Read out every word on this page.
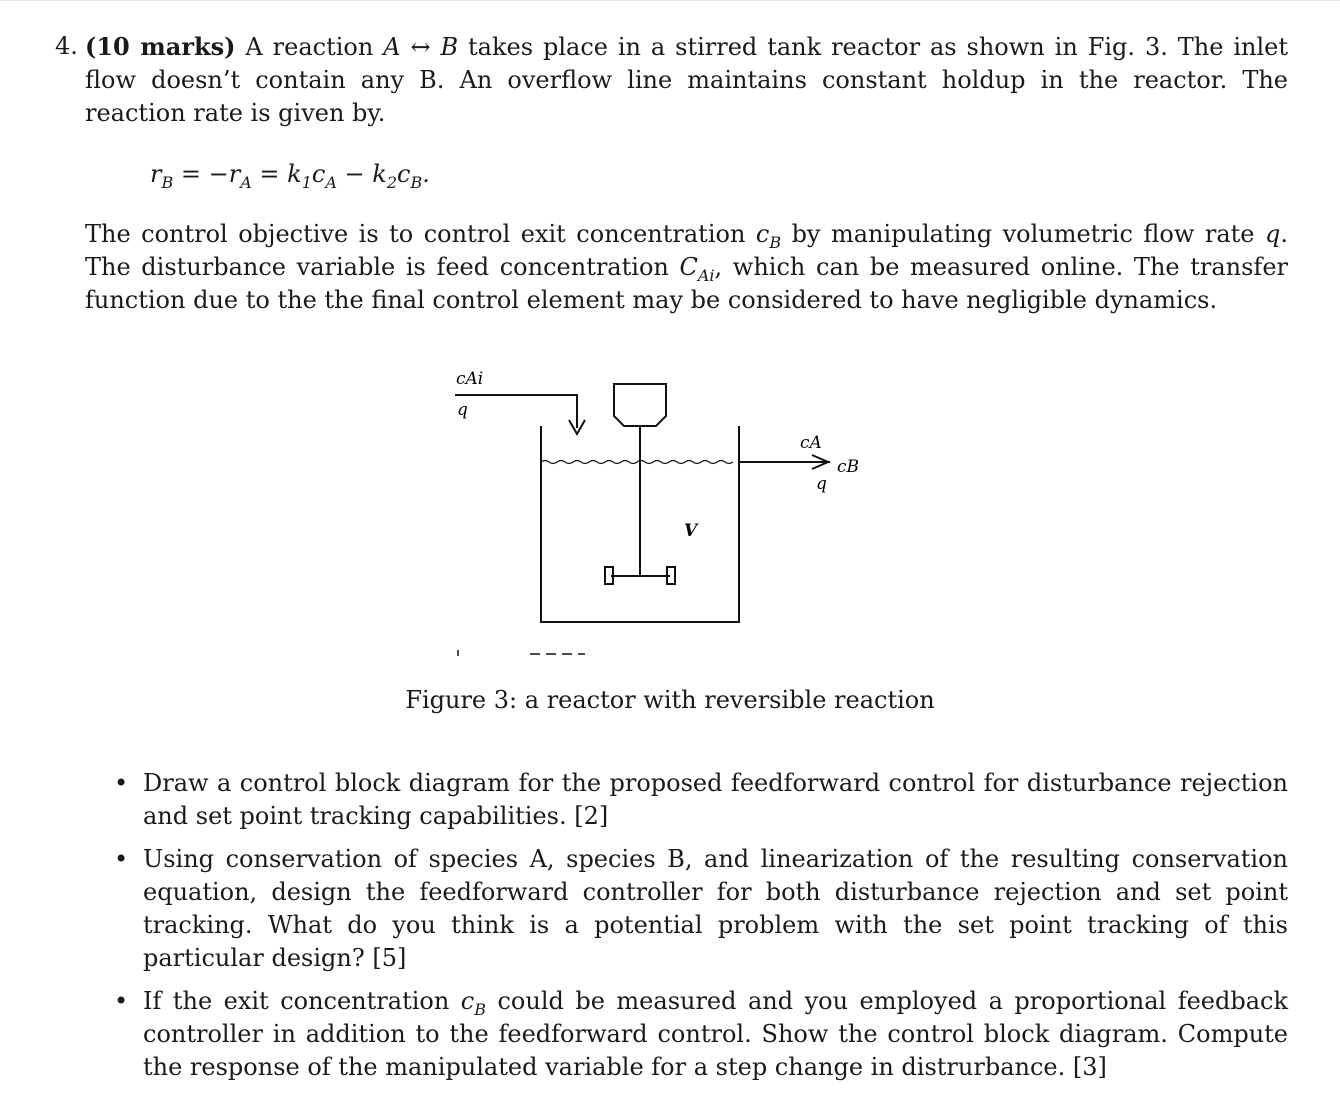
4. (10 marks) A reaction A ↔ B takes place in a stirred tank reactor as shown in Fig. 3. The inlet flow doesn’t contain any B. An overflow line maintains constant holdup in the reactor. The reaction rate is given by.
$r_B = -r_A = k_1c_A - k_2c_B$.
The control objective is to control exit concentration $c_B$ by manipulating volumetric flow rate q. The disturbance variable is feed concentration $C_{Ai}$, which can be measured online. The transfer function due to the the final control element may be considered to have negligible dynamics.
cAi
q
V
cA
cB
q
Figure 3: a reactor with reversible reaction
• Draw a control block diagram for the proposed feedforward control for disturbance rejection and set point tracking capabilities. [2]
• Using conservation of species A, species B, and linearization of the resulting conservation equation, design the feedforward controller for both disturbance rejection and set point tracking. What do you think is a potential problem with the set point tracking of this particular design? [5]
• If the exit concentration $c_B$ could be measured and you employed a proportional feedback controller in addition to the feedforward control. Show the control block diagram. Compute the response of the manipulated variable for a step change in distrurbance. [3]
